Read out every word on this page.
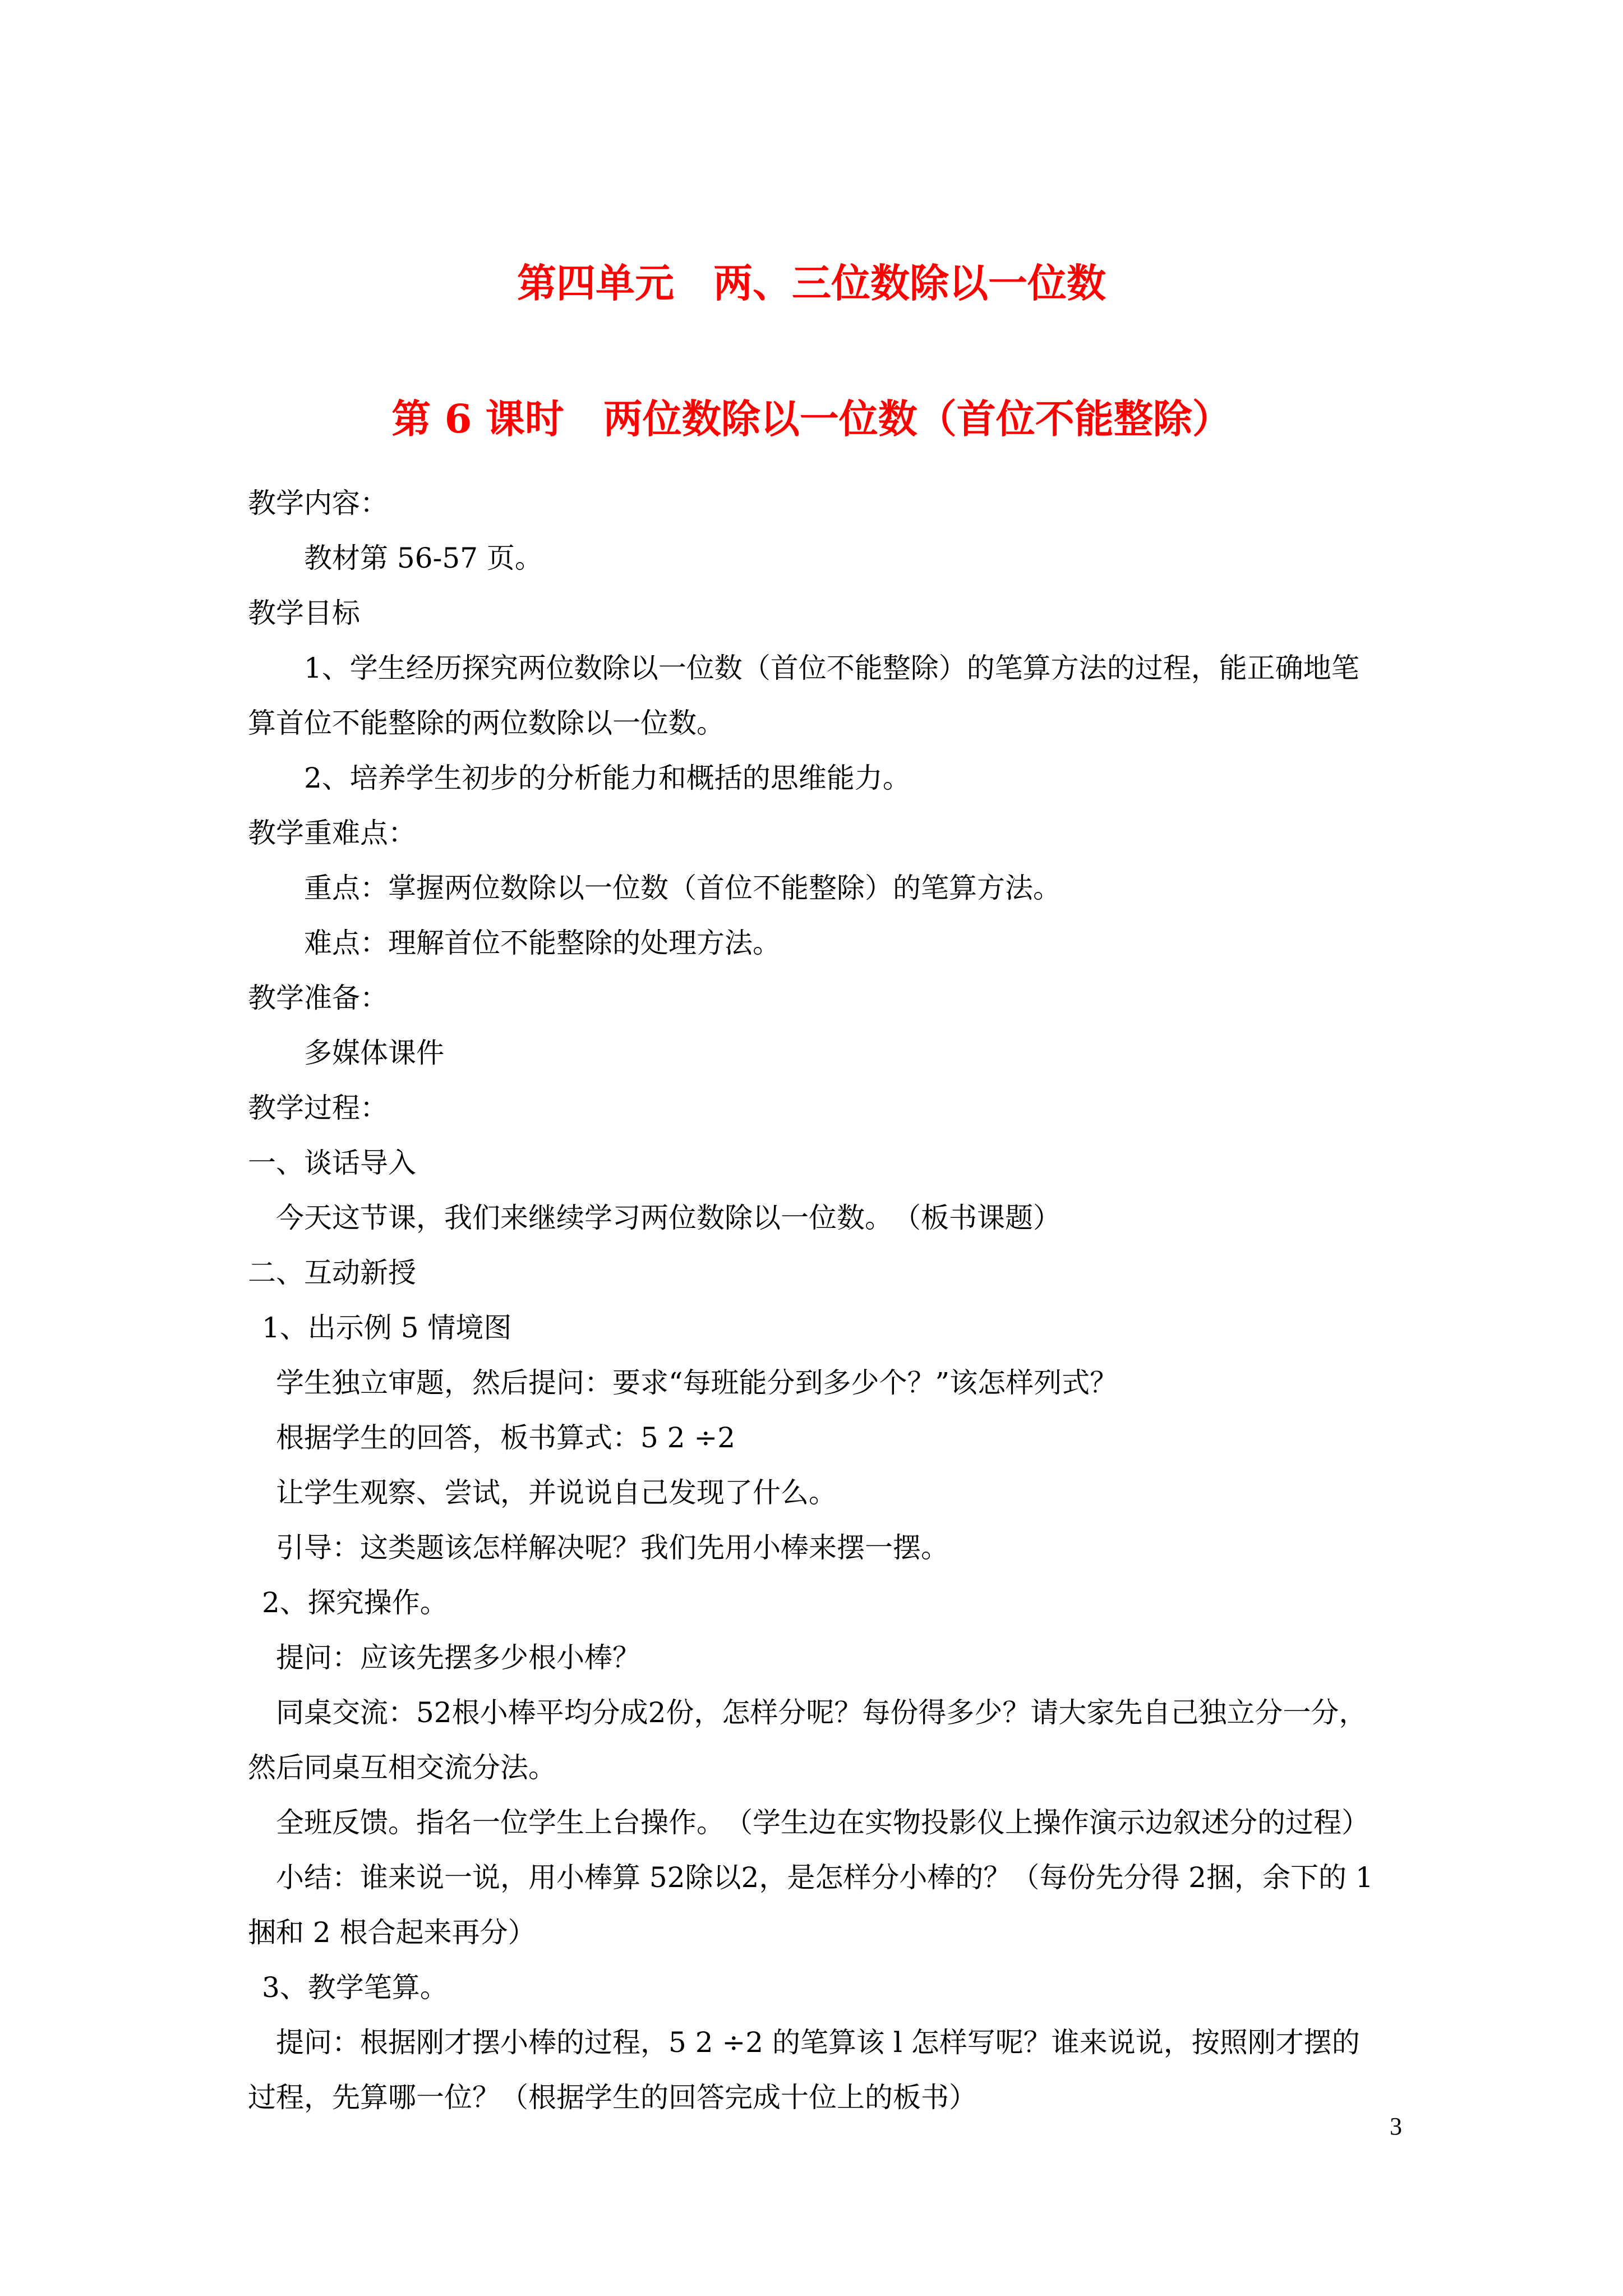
第四单元　两、三位数除以一位数
第 6 课时　两位数除以一位数（首位不能整除）

教学内容：

教材第 56-57 页。

教学目标

1、学生经历探究两位数除以一位数（首位不能整除）的笔算方法的过程，能正确地笔

算首位不能整除的两位数除以一位数。

2、培养学生初步的分析能力和概括的思维能力。

教学重难点：

重点：掌握两位数除以一位数（首位不能整除）的笔算方法。

难点：理解首位不能整除的处理方法。

教学准备：

多媒体课件

教学过程：

一、谈话导入

今天这节课，我们来继续学习两位数除以一位数。　（板书课题）

二、互动新授

1、出示例 5 情境图

学生独立审题，然后提问：要求“每班能分到多少个？”该怎样列式？

根据学生的回答，板书算式：5 2 ÷2

让学生观察、尝试，并说说自己发现了什么。

引导：这类题该怎样解决呢？我们先用小棒来摆一摆。

2、探究操作。

提问：应该先摆多少根小棒？

同桌交流：52根小棒平均分成2份，怎样分呢？每份得多少？请大家先自己独立分一分，

然后同桌互相交流分法。

全班反馈。指名一位学生上台操作。　（学生边在实物投影仪上操作演示边叙述分的过程）

小结：谁来说一说，用小棒算 52除以2，是怎样分小棒的？（每份先分得 2捆，余下的 1

捆和 2 根合起来再分）

3、教学笔算。

提问：根据刚才摆小棒的过程，5 2 ÷2 的笔算该 l 怎样写呢？谁来说说，按照刚才摆的

过程，先算哪一位？（根据学生的回答完成十位上的板书）

3
